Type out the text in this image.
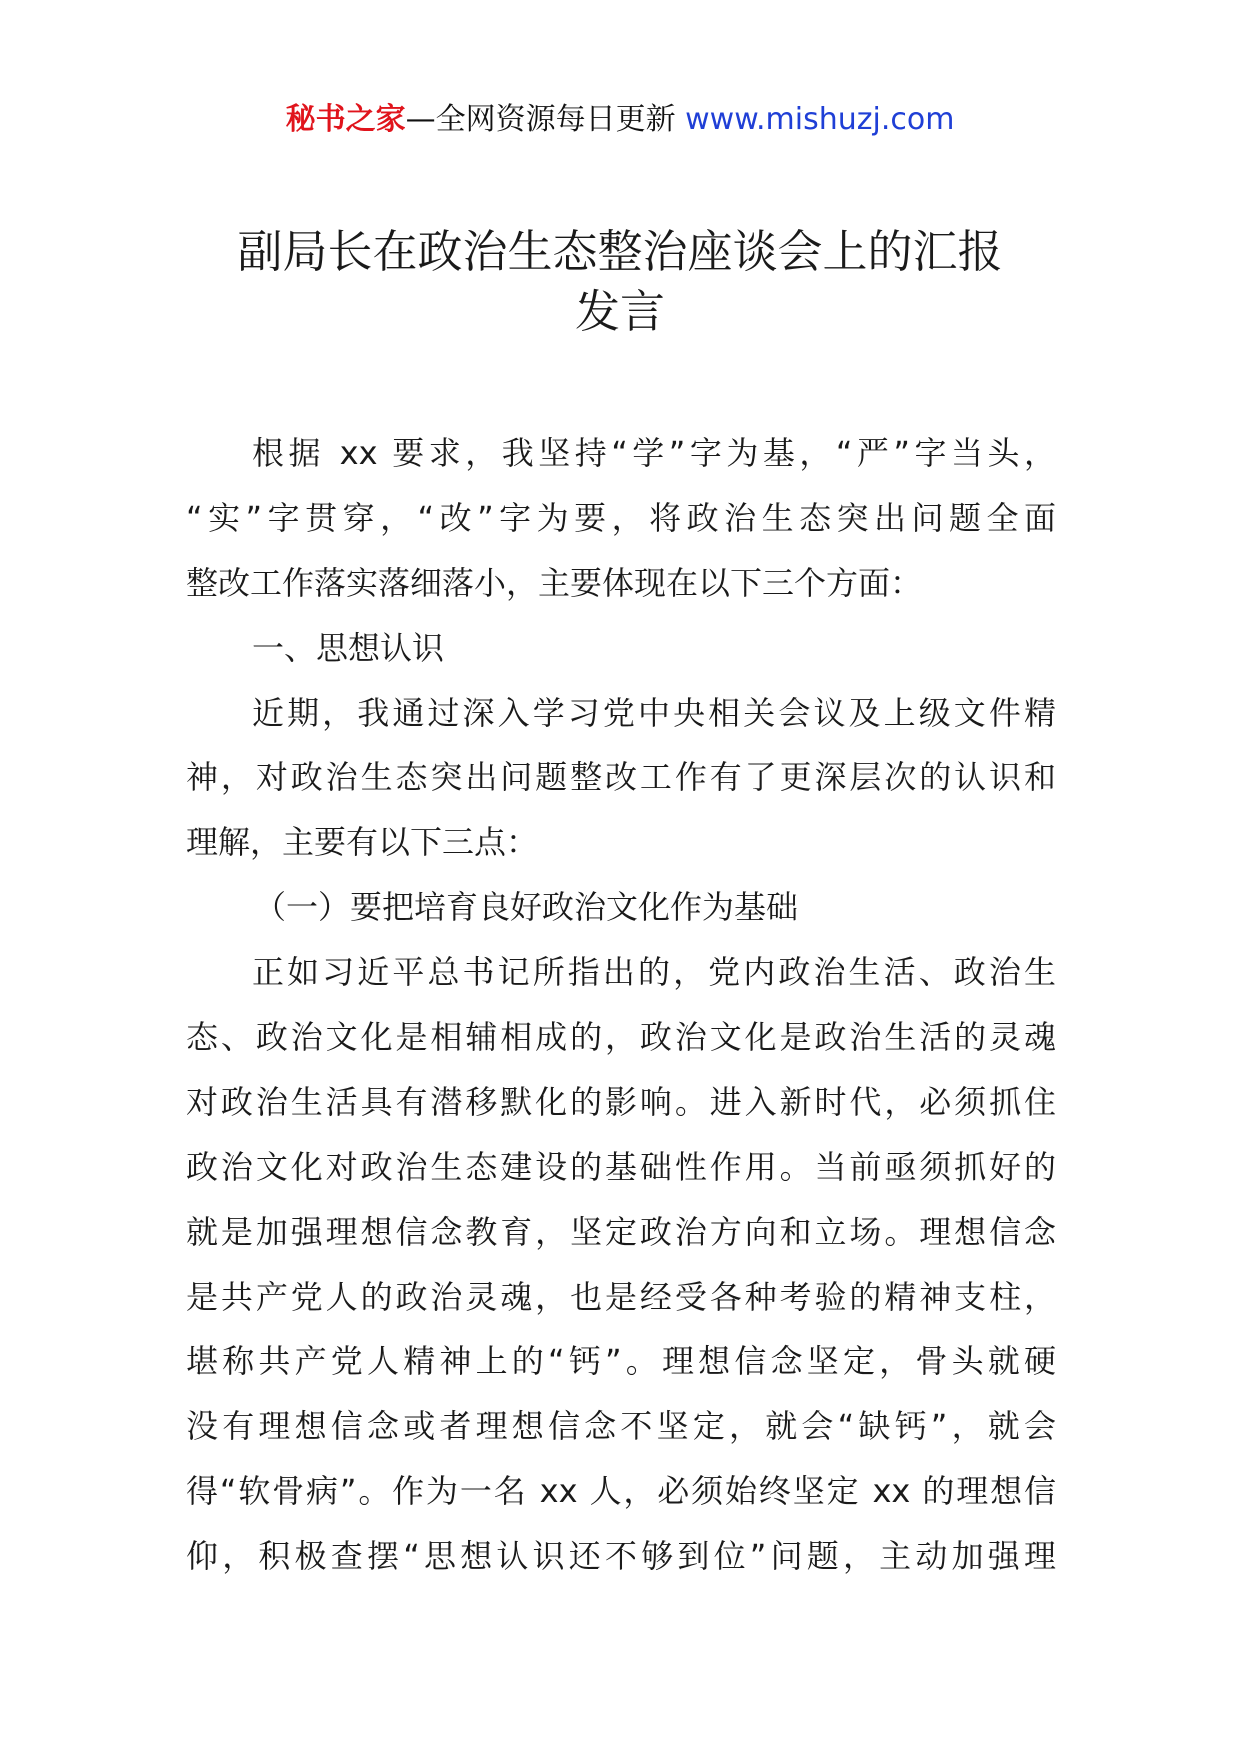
秘书之家—全网资源每日更新 www.mishuzj.com
副局长在政治生态整治座谈会上的汇报
发言
根据 xx 要求，我坚持“学”字为基，“严”字当头，
“实”字贯穿，“改”字为要，将政治生态突出问题全面
整改工作落实落细落小，主要体现在以下三个方面：
一、思想认识
近期，我通过深入学习党中央相关会议及上级文件精
神，对政治生态突出问题整改工作有了更深层次的认识和
理解，主要有以下三点：
（一）要把培育良好政治文化作为基础
正如习近平总书记所指出的，党内政治生活、政治生
态、政治文化是相辅相成的，政治文化是政治生活的灵魂
对政治生活具有潜移默化的影响。进入新时代，必须抓住
政治文化对政治生态建设的基础性作用。当前亟须抓好的
就是加强理想信念教育，坚定政治方向和立场。理想信念
是共产党人的政治灵魂，也是经受各种考验的精神支柱，
堪称共产党人精神上的“钙”。理想信念坚定，骨头就硬
没有理想信念或者理想信念不坚定，就会“缺钙”，就会
得“软骨病”。作为一名 xx 人，必须始终坚定 xx 的理想信
仰，积极查摆“思想认识还不够到位”问题，主动加强理
